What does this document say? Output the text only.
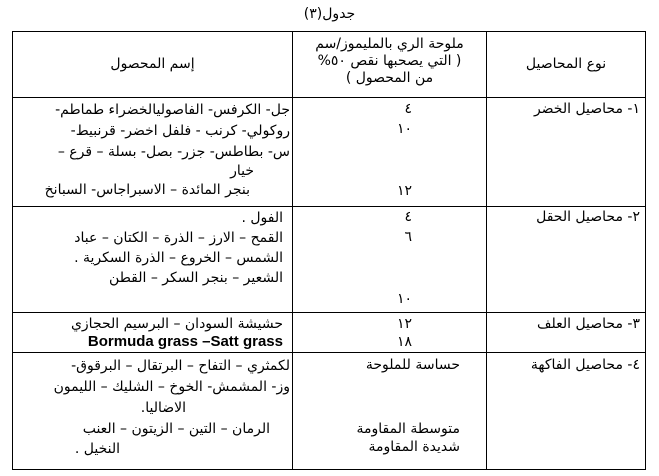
جدول(٣)
إسم المحصول
ملوحة الري بالمليموز/سم
( التي يصحبها نقص ٥٠%
من المحصول )
نوع المحاصيل
١- محاصيل الخضر
٤
١٠
١٢
جل- الكرفس- الفاصوليالخضراء طماطم-
روكولي- كرنب - فلفل اخضر- قرنبيط-
س- بطاطس- جزر- بصل- بسلة – قرع –
خيار
بنجر المائدة – الاسبراجاس- السبانخ
٢- محاصيل الحقل
٤
٦
١٠
الفول .
القمح – الارز – الذرة – الكتان – عباد
الشمس – الخروع – الذرة السكرية .
الشعير – بنجر السكر – القطن
٣- محاصيل العلف
١٢
١٨
حشيشة السودان – البرسيم الحجازي
Bormuda grass –Satt grass
٤- محاصيل الفاكهة
حساسة للملوحة
متوسطة المقاومة
شديدة المقاومة
لكمثري – التفاح – البرتقال – البرقوق-
وز- المشمش- الخوخ – الشليك – الليمون
الاضاليا.
الرمان – التين – الزيتون – العنب
النخيل .
